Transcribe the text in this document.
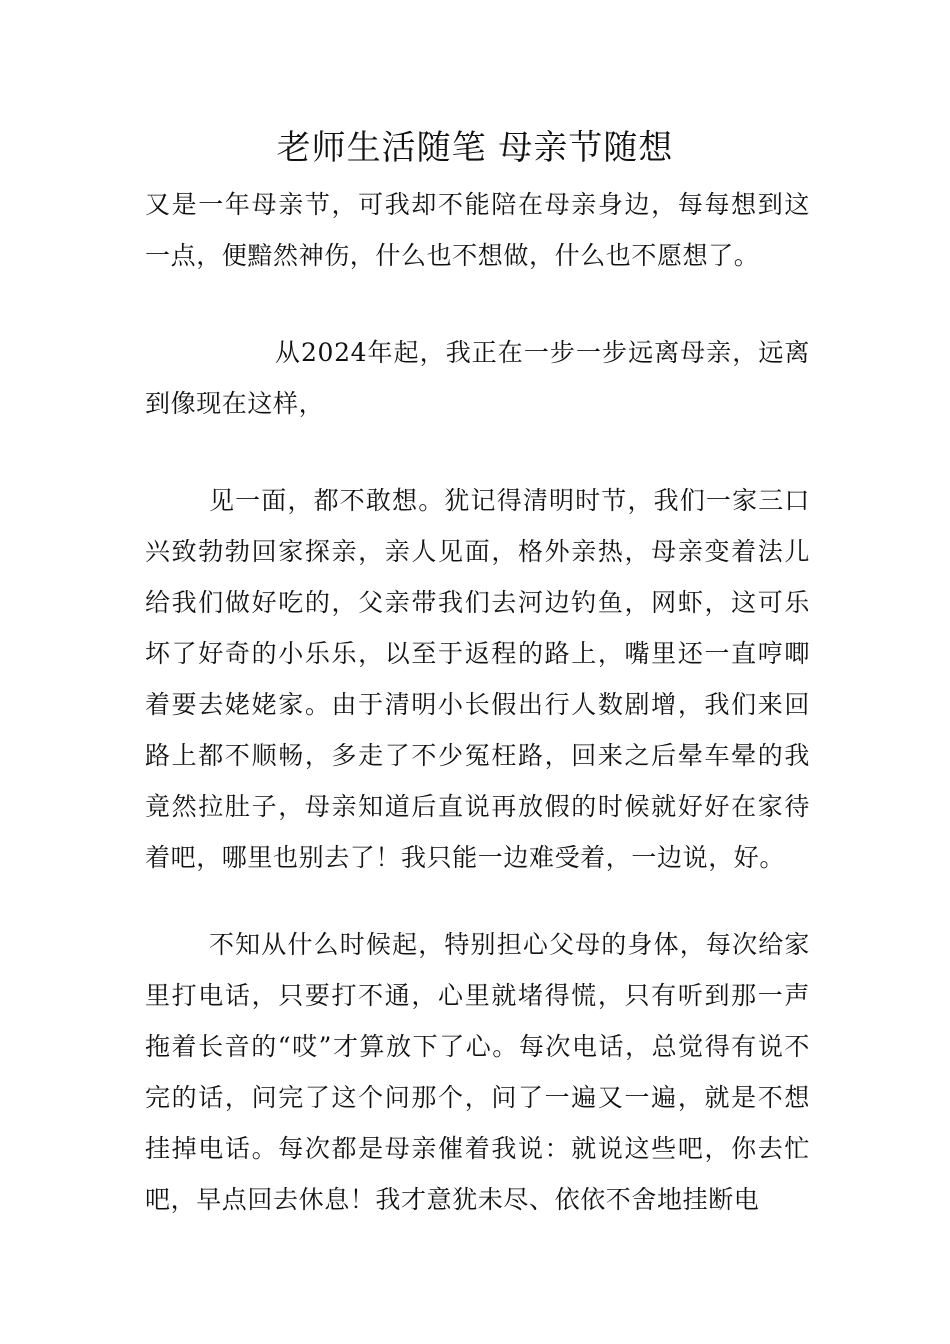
老师生活随笔 母亲节随想

又是一年母亲节，可我却不能陪在母亲身边，每每想到这一点，便黯然神伤，什么也不想做，什么也不愿想了。

从2024年起，我正在一步一步远离母亲，远离到像现在这样，

见一面，都不敢想。犹记得清明时节，我们一家三口兴致勃勃回家探亲，亲人见面，格外亲热，母亲变着法儿给我们做好吃的，父亲带我们去河边钓鱼，网虾，这可乐坏了好奇的小乐乐，以至于返程的路上，嘴里还一直哼唧着要去姥姥家。由于清明小长假出行人数剧增，我们来回路上都不顺畅，多走了不少冤枉路，回来之后晕车晕的我竟然拉肚子，母亲知道后直说再放假的时候就好好在家待着吧，哪里也别去了！我只能一边难受着，一边说，好。

不知从什么时候起，特别担心父母的身体，每次给家里打电话，只要打不通，心里就堵得慌，只有听到那一声拖着长音的“哎”才算放下了心。每次电话，总觉得有说不完的话，问完了这个问那个，问了一遍又一遍，就是不想挂掉电话。每次都是母亲催着我说：就说这些吧，你去忙吧，早点回去休息！我才意犹未尽、依依不舍地挂断电
